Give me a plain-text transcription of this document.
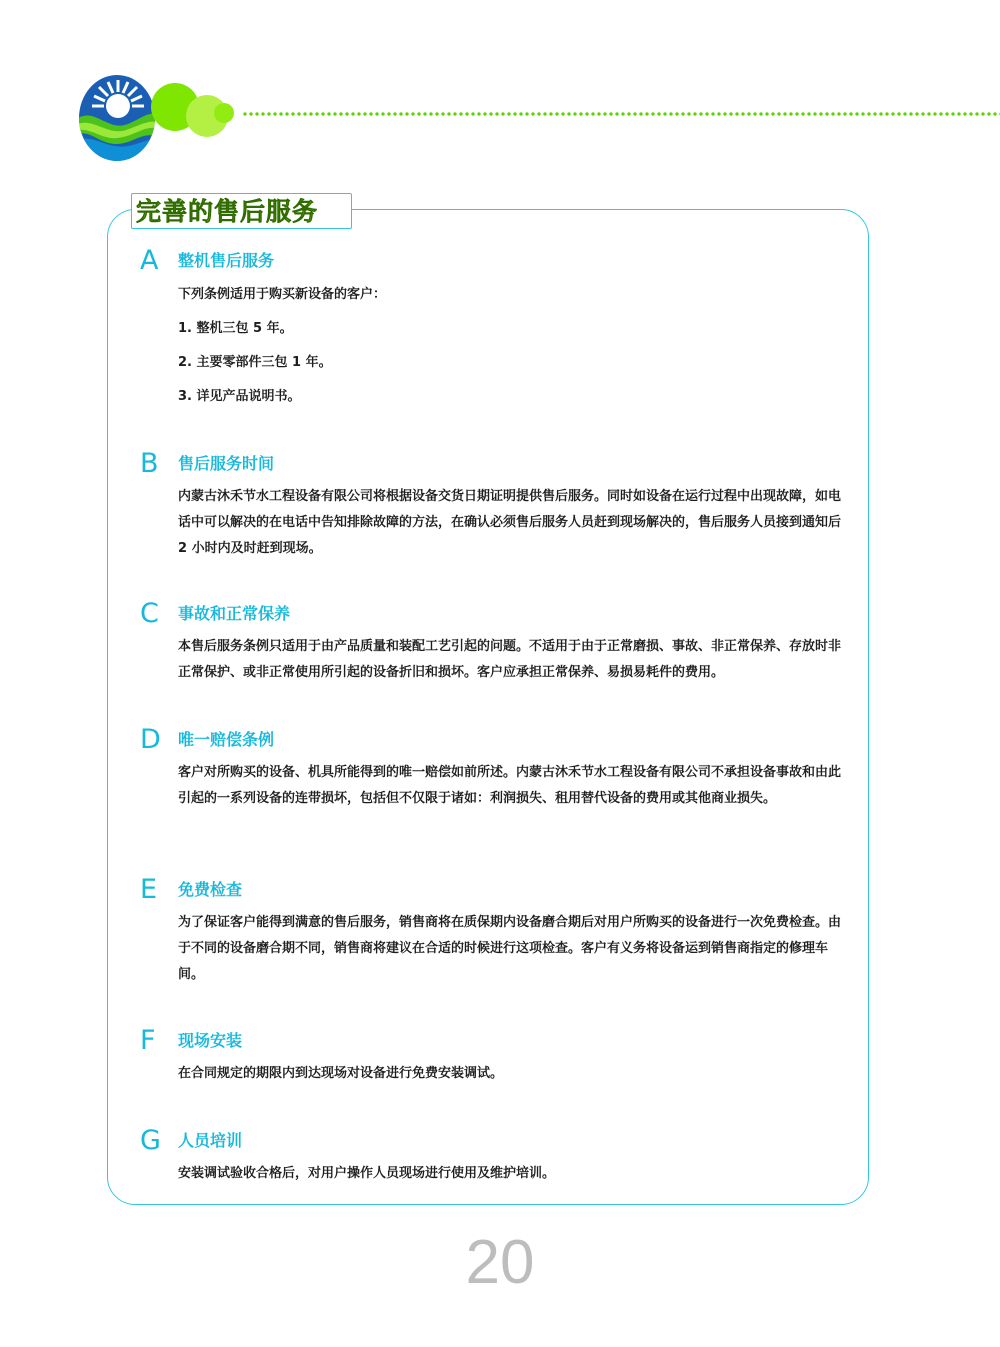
完善的售后服务
A	整机售后服务

下列条例适用于购买新设备的客户：

1. 整机三包 5 年。

2. 主要零部件三包 1 年。

3. 详见产品说明书。

B	售后服务时间

内蒙古沐禾节水工程设备有限公司将根据设备交货日期证明提供售后服务。同时如设备在运行过程中出现故障，如电话中可以解决的在电话中告知排除故障的方法，在确认必须售后服务人员赶到现场解决的，售后服务人员接到通知后 2 小时内及时赶到现场。

C	事故和正常保养

本售后服务条例只适用于由产品质量和装配工艺引起的问题。不适用于由于正常磨损、事故、非正常保养、存放时非正常保护、或非正常使用所引起的设备折旧和损坏。客户应承担正常保养、易损易耗件的费用。

D	唯一赔偿条例

客户对所购买的设备、机具所能得到的唯一赔偿如前所述。内蒙古沐禾节水工程设备有限公司不承担设备事故和由此引起的一系列设备的连带损坏，包括但不仅限于诸如：利润损失、租用替代设备的费用或其他商业损失。

E	免费检查

为了保证客户能得到满意的售后服务，销售商将在质保期内设备磨合期后对用户所购买的设备进行一次免费检查。由于不同的设备磨合期不同，销售商将建议在合适的时候进行这项检查。客户有义务将设备运到销售商指定的修理车间。

F	现场安装

在合同规定的期限内到达现场对设备进行免费安装调试。

G	人员培训

安装调试验收合格后，对用户操作人员现场进行使用及维护培训。

20
